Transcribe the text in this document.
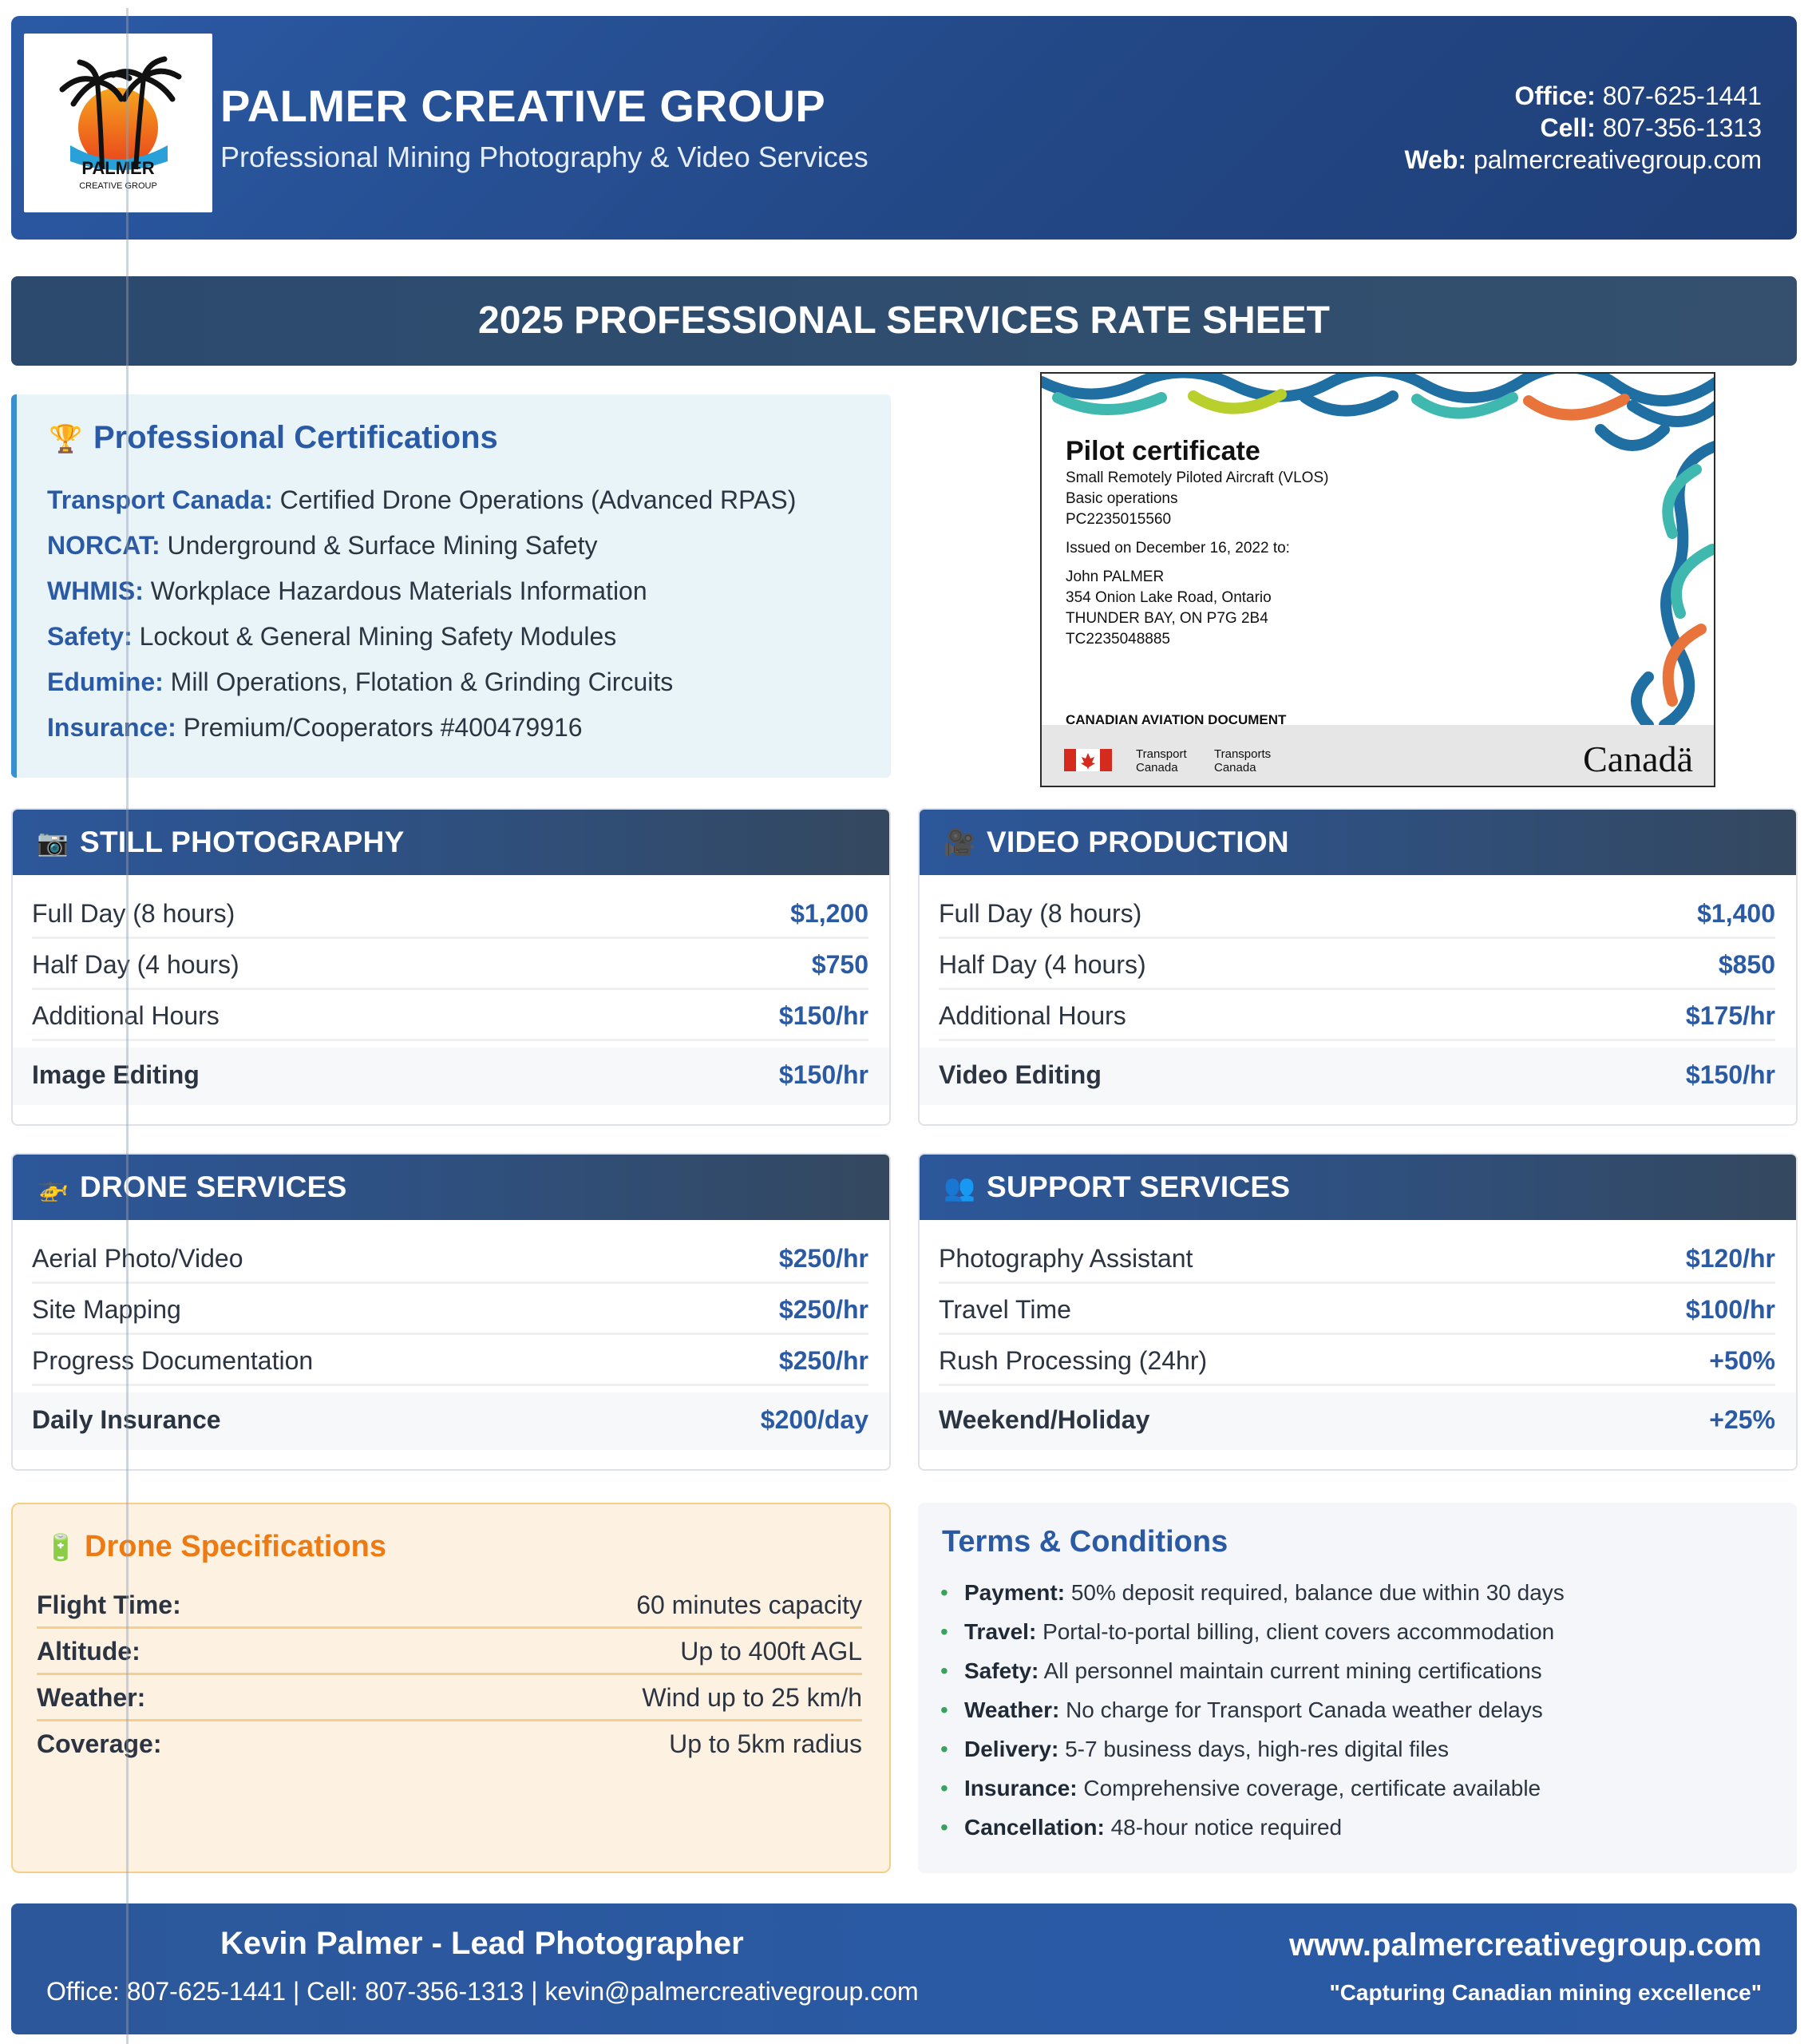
PALMER
CREATIVE GROUP
PALMER CREATIVE GROUP
Professional Mining Photography & Video Services
Office: 807-625-1441
Cell: 807-356-1313
Web: palmercreativegroup.com
2025 PROFESSIONAL SERVICES RATE SHEET
🏆 Professional Certifications
Transport Canada: Certified Drone Operations (Advanced RPAS)
NORCAT: Underground & Surface Mining Safety
WHMIS: Workplace Hazardous Materials Information
Safety: Lockout & General Mining Safety Modules
Edumine: Mill Operations, Flotation & Grinding Circuits
Insurance: Premium/Cooperators #400479916
Pilot certificate
Small Remotely Piloted Aircraft (VLOS)
Basic operations
PC2235015560
Issued on December 16, 2022 to:
John PALMER
354 Onion Lake Road, Ontario
THUNDER BAY, ON P7G 2B4
TC2235048885
CANADIAN AVIATION DOCUMENT
Transport
Canada
Transports
Canada	Canadä
📷 STILL PHOTOGRAPHY
Full Day (8 hours)	$1,200
Half Day (4 hours)	$750
Additional Hours	$150/hr
Image Editing	$150/hr
🎥 VIDEO PRODUCTION
Full Day (8 hours)	$1,400
Half Day (4 hours)	$850
Additional Hours	$175/hr
Video Editing	$150/hr
🚁 DRONE SERVICES
Aerial Photo/Video	$250/hr
Site Mapping	$250/hr
Progress Documentation	$250/hr
Daily Insurance	$200/day
👥 SUPPORT SERVICES
Photography Assistant	$120/hr
Travel Time	$100/hr
Rush Processing (24hr)	+50%
Weekend/Holiday	+25%
🔋 Drone Specifications
Flight Time:	60 minutes capacity
Altitude:	Up to 400ft AGL
Weather:	Wind up to 25 km/h
Coverage:	Up to 5km radius
Terms & Conditions
• Payment: 50% deposit required, balance due within 30 days
• Travel: Portal-to-portal billing, client covers accommodation
• Safety: All personnel maintain current mining certifications
• Weather: No charge for Transport Canada weather delays
• Delivery: 5-7 business days, high-res digital files
• Insurance: Comprehensive coverage, certificate available
• Cancellation: 48-hour notice required
Kevin Palmer - Lead Photographer
Office: 807-625-1441 | Cell: 807-356-1313 | kevin@palmercreativegroup.com
www.palmercreativegroup.com
"Capturing Canadian mining excellence"
